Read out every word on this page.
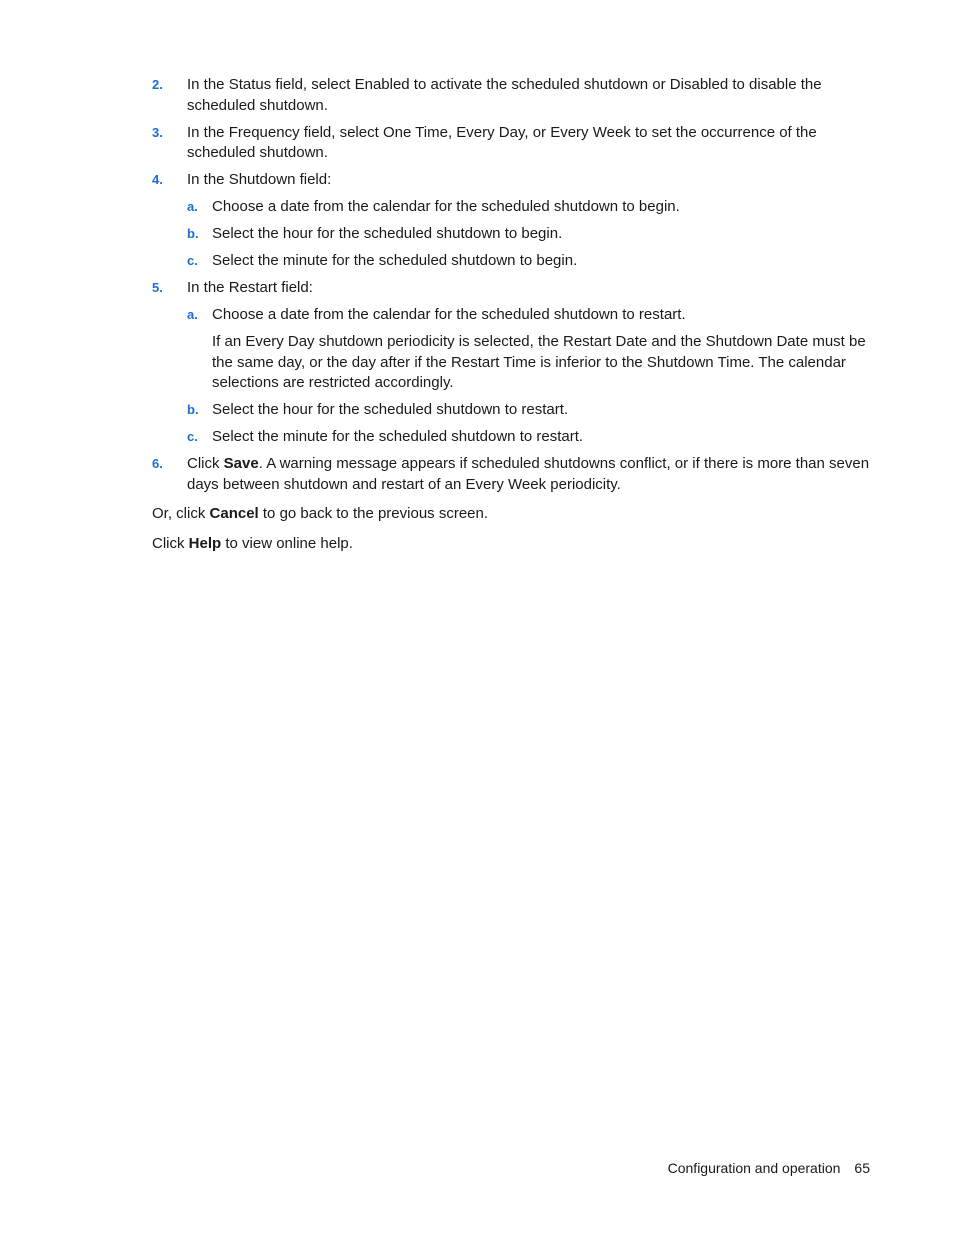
2. In the Status field, select Enabled to activate the scheduled shutdown or Disabled to disable the scheduled shutdown.
3. In the Frequency field, select One Time, Every Day, or Every Week to set the occurrence of the scheduled shutdown.
4. In the Shutdown field:
a. Choose a date from the calendar for the scheduled shutdown to begin.
b. Select the hour for the scheduled shutdown to begin.
c. Select the minute for the scheduled shutdown to begin.
5. In the Restart field:
a. Choose a date from the calendar for the scheduled shutdown to restart.
If an Every Day shutdown periodicity is selected, the Restart Date and the Shutdown Date must be the same day, or the day after if the Restart Time is inferior to the Shutdown Time. The calendar selections are restricted accordingly.
b. Select the hour for the scheduled shutdown to restart.
c. Select the minute for the scheduled shutdown to restart.
6. Click Save. A warning message appears if scheduled shutdowns conflict, or if there is more than seven days between shutdown and restart of an Every Week periodicity.
Or, click Cancel to go back to the previous screen.
Click Help to view online help.
Configuration and operation 65
